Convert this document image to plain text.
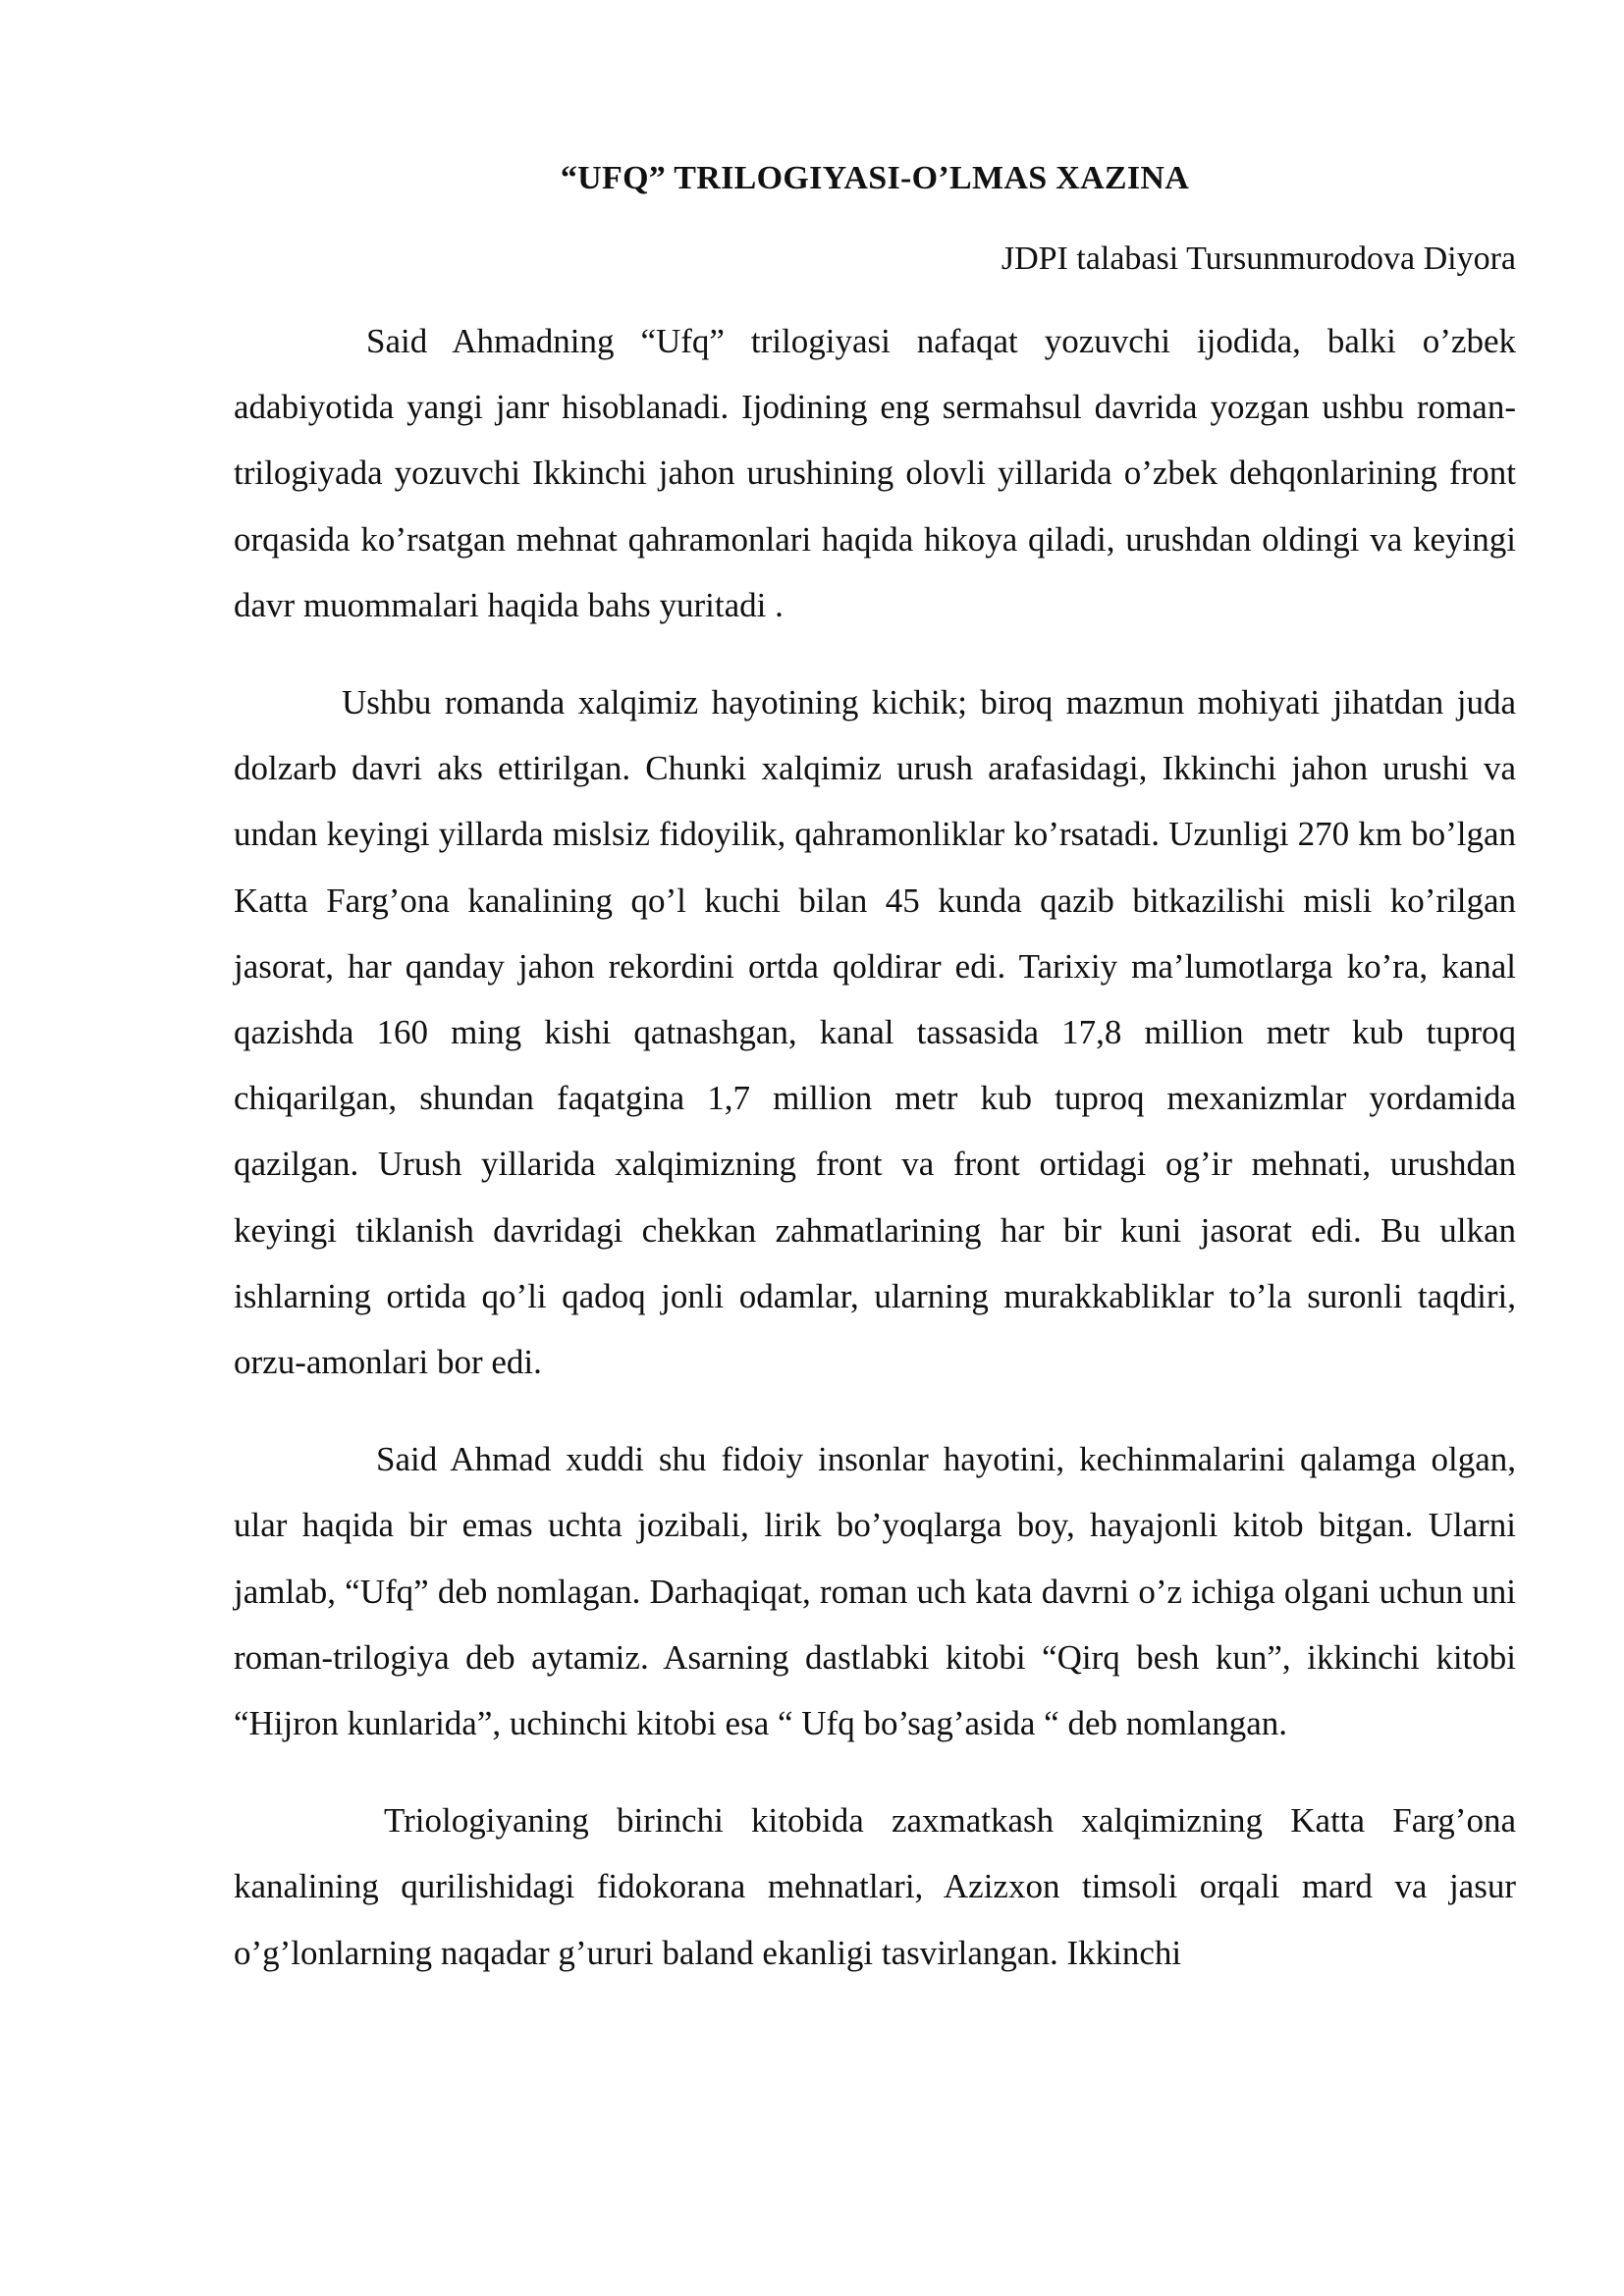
“UFQ” TRILOGIYASI-O’LMAS XAZINA

JDPI talabasi Tursunmurodova Diyora

Said Ahmadning “Ufq” trilogiyasi nafaqat yozuvchi ijodida, balki o’zbek adabiyotida yangi janr hisoblanadi. Ijodining eng sermahsul davrida yozgan ushbu roman-trilogiyada yozuvchi Ikkinchi jahon urushining olovli yillarida o’zbek dehqonlarining front orqasida ko’rsatgan mehnat qahramonlari haqida hikoya qiladi, urushdan oldingi va keyingi davr muommalari haqida bahs yuritadi .

Ushbu romanda xalqimiz hayotining kichik; biroq mazmun mohiyati jihatdan juda dolzarb davri aks ettirilgan. Chunki xalqimiz urush arafasidagi, Ikkinchi jahon urushi va undan keyingi yillarda mislsiz fidoyilik, qahramonliklar ko’rsatadi. Uzunligi 270 km bo’lgan Katta Farg’ona kanalining qo’l kuchi bilan 45 kunda qazib bitkazilishi misli ko’rilgan jasorat, har qanday jahon rekordini ortda qoldirar edi. Tarixiy ma’lumotlarga ko’ra, kanal qazishda 160 ming kishi qatnashgan, kanal tassasida 17,8 million metr kub tuproq chiqarilgan, shundan faqatgina 1,7 million metr kub tuproq mexanizmlar yordamida qazilgan. Urush yillarida xalqimizning front va front ortidagi og’ir mehnati, urushdan keyingi tiklanish davridagi chekkan zahmatlarining har bir kuni jasorat edi. Bu ulkan ishlarning ortida qo’li qadoq jonli odamlar, ularning murakkabliklar to’la suronli taqdiri, orzu-amonlari bor edi.

Said Ahmad xuddi shu fidoiy insonlar hayotini, kechinmalarini qalamga olgan, ular haqida bir emas uchta jozibali, lirik bo’yoqlarga boy, hayajonli kitob bitgan. Ularni     jamlab, “Ufq” deb nomlagan. Darhaqiqat, roman uch kata davrni o’z ichiga olgani uchun uni roman-trilogiya deb aytamiz. Asarning dastlabki kitobi “Qirq besh kun”, ikkinchi kitobi “Hijron kunlarida”, uchinchi kitobi esa “ Ufq bo’sag’asida “ deb nomlangan.

Triologiyaning birinchi kitobida zaxmatkash xalqimizning Katta Farg’ona kanalining qurilishidagi fidokorana mehnatlari, Azizxon timsoli orqali mard va jasur o’g’lonlarning naqadar g’ururi baland ekanligi tasvirlangan. Ikkinchi
